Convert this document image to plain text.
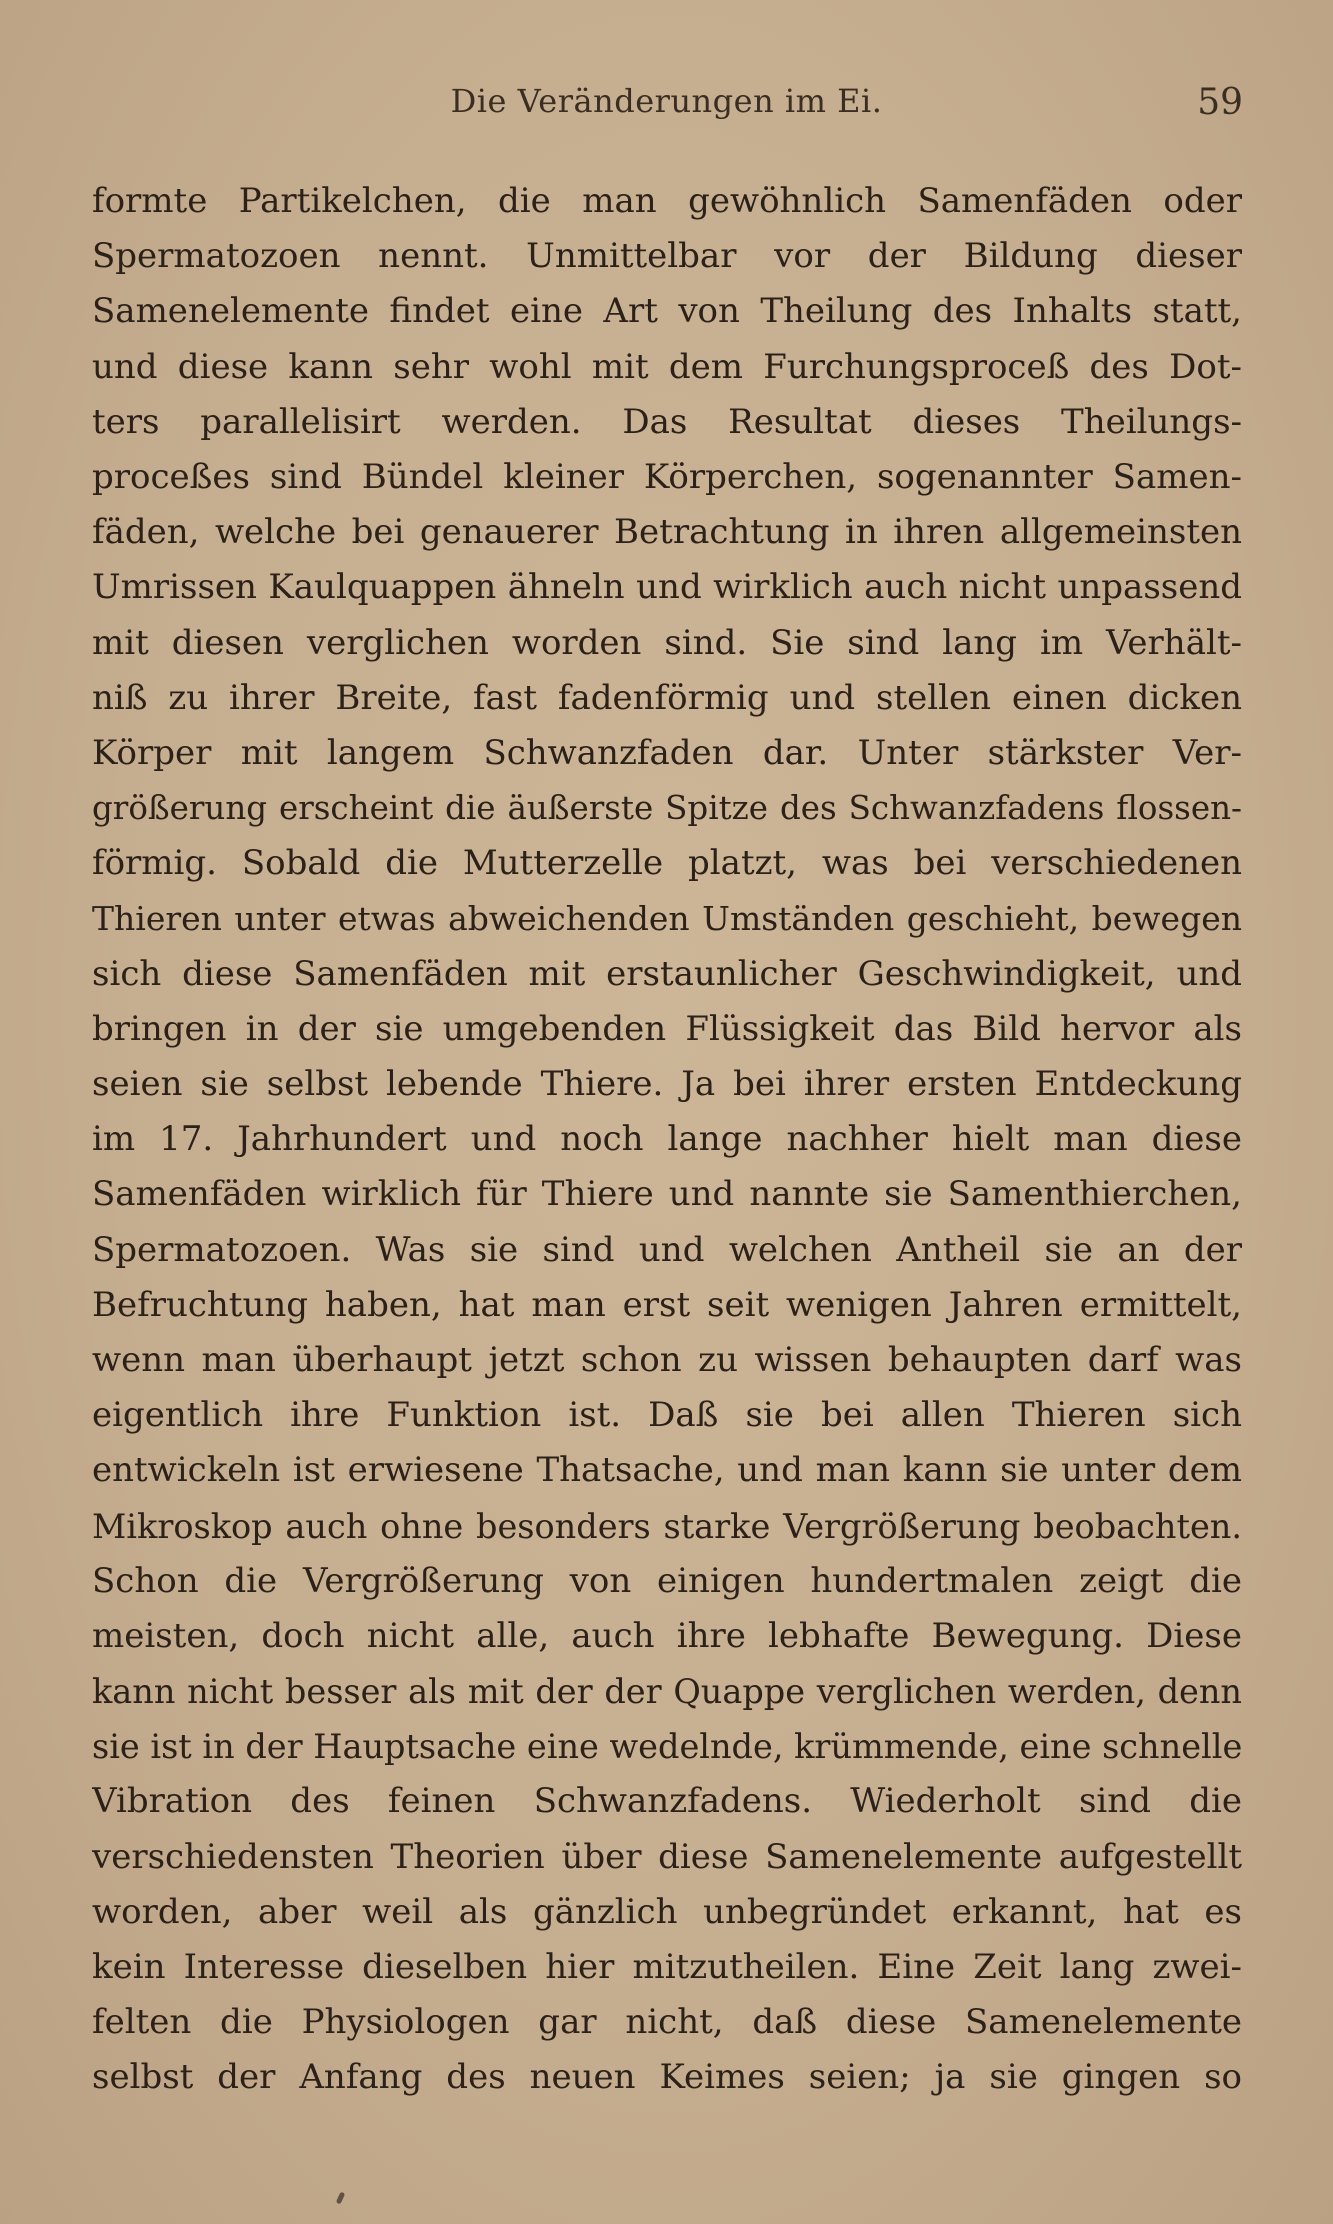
Die Veränderungen im Ei.	59
formte Partikelchen, die man gewöhnlich Samenfäden oder
Spermatozoen nennt. Unmittelbar vor der Bildung dieser
Samenelemente findet eine Art von Theilung des Inhalts statt,
und diese kann sehr wohl mit dem Furchungsproceß des Dot-
ters parallelisirt werden. Das Resultat dieses Theilungs-
proceßes sind Bündel kleiner Körperchen, sogenannter Samen-
fäden, welche bei genauerer Betrachtung in ihren allgemeinsten
Umrissen Kaulquappen ähneln und wirklich auch nicht unpassend
mit diesen verglichen worden sind. Sie sind lang im Verhält-
niß zu ihrer Breite, fast fadenförmig und stellen einen dicken
Körper mit langem Schwanzfaden dar. Unter stärkster Ver-
größerung erscheint die äußerste Spitze des Schwanzfadens flossen-
förmig. Sobald die Mutterzelle platzt, was bei verschiedenen
Thieren unter etwas abweichenden Umständen geschieht, bewegen
sich diese Samenfäden mit erstaunlicher Geschwindigkeit, und
bringen in der sie umgebenden Flüssigkeit das Bild hervor als
seien sie selbst lebende Thiere. Ja bei ihrer ersten Entdeckung
im 17. Jahrhundert und noch lange nachher hielt man diese
Samenfäden wirklich für Thiere und nannte sie Samenthierchen,
Spermatozoen. Was sie sind und welchen Antheil sie an der
Befruchtung haben, hat man erst seit wenigen Jahren ermittelt,
wenn man überhaupt jetzt schon zu wissen behaupten darf was
eigentlich ihre Funktion ist. Daß sie bei allen Thieren sich
entwickeln ist erwiesene Thatsache, und man kann sie unter dem
Mikroskop auch ohne besonders starke Vergrößerung beobachten.
Schon die Vergrößerung von einigen hundertmalen zeigt die
meisten, doch nicht alle, auch ihre lebhafte Bewegung. Diese
kann nicht besser als mit der der Quappe verglichen werden, denn
sie ist in der Hauptsache eine wedelnde, krümmende, eine schnelle
Vibration des feinen Schwanzfadens. Wiederholt sind die
verschiedensten Theorien über diese Samenelemente aufgestellt
worden, aber weil als gänzlich unbegründet erkannt, hat es
kein Interesse dieselben hier mitzutheilen. Eine Zeit lang zwei-
felten die Physiologen gar nicht, daß diese Samenelemente
selbst der Anfang des neuen Keimes seien; ja sie gingen so
